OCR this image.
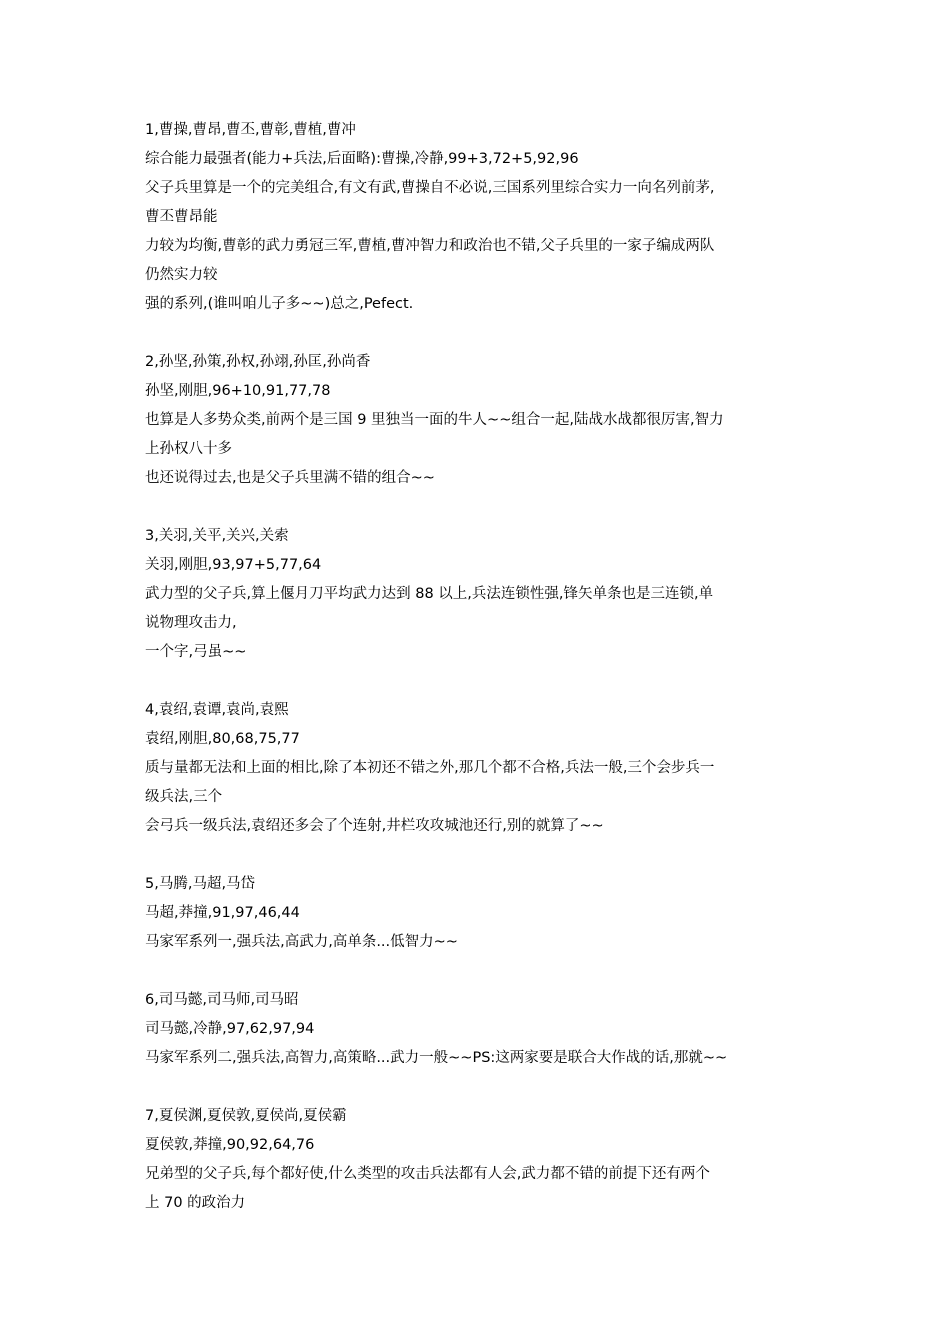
1,曹操,曹昂,曹丕,曹彰,曹植,曹冲
综合能力最强者(能力+兵法,后面略):曹操,冷静,99+3,72+5,92,96
父子兵里算是一个的完美组合,有文有武,曹操自不必说,三国系列里综合实力一向名列前茅,
曹丕曹昂能
力较为均衡,曹彰的武力勇冠三军,曹植,曹冲智力和政治也不错,父子兵里的一家子编成两队
仍然实力较
强的系列,(谁叫咱儿子多~~)总之,Pefect.
2,孙坚,孙策,孙权,孙翊,孙匡,孙尚香
孙坚,刚胆,96+10,91,77,78
也算是人多势众类,前两个是三国 9 里独当一面的牛人~~组合一起,陆战水战都很厉害,智力
上孙权八十多
也还说得过去,也是父子兵里满不错的组合~~
3,关羽,关平,关兴,关索
关羽,刚胆,93,97+5,77,64
武力型的父子兵,算上偃月刀平均武力达到 88 以上,兵法连锁性强,锋矢单条也是三连锁,单
说物理攻击力,
一个字,弓虽~~
4,袁绍,袁谭,袁尚,袁熙
袁绍,刚胆,80,68,75,77
质与量都无法和上面的相比,除了本初还不错之外,那几个都不合格,兵法一般,三个会步兵一
级兵法,三个
会弓兵一级兵法,袁绍还多会了个连射,井栏攻攻城池还行,别的就算了~~
5,马腾,马超,马岱
马超,莽撞,91,97,46,44
马家军系列一,强兵法,高武力,高单条...低智力~~
6,司马懿,司马师,司马昭
司马懿,冷静,97,62,97,94
马家军系列二,强兵法,高智力,高策略...武力一般~~PS:这两家要是联合大作战的话,那就~~
7,夏侯渊,夏侯敦,夏侯尚,夏侯霸
夏侯敦,莽撞,90,92,64,76
兄弟型的父子兵,每个都好使,什么类型的攻击兵法都有人会,武力都不错的前提下还有两个
上 70 的政治力
